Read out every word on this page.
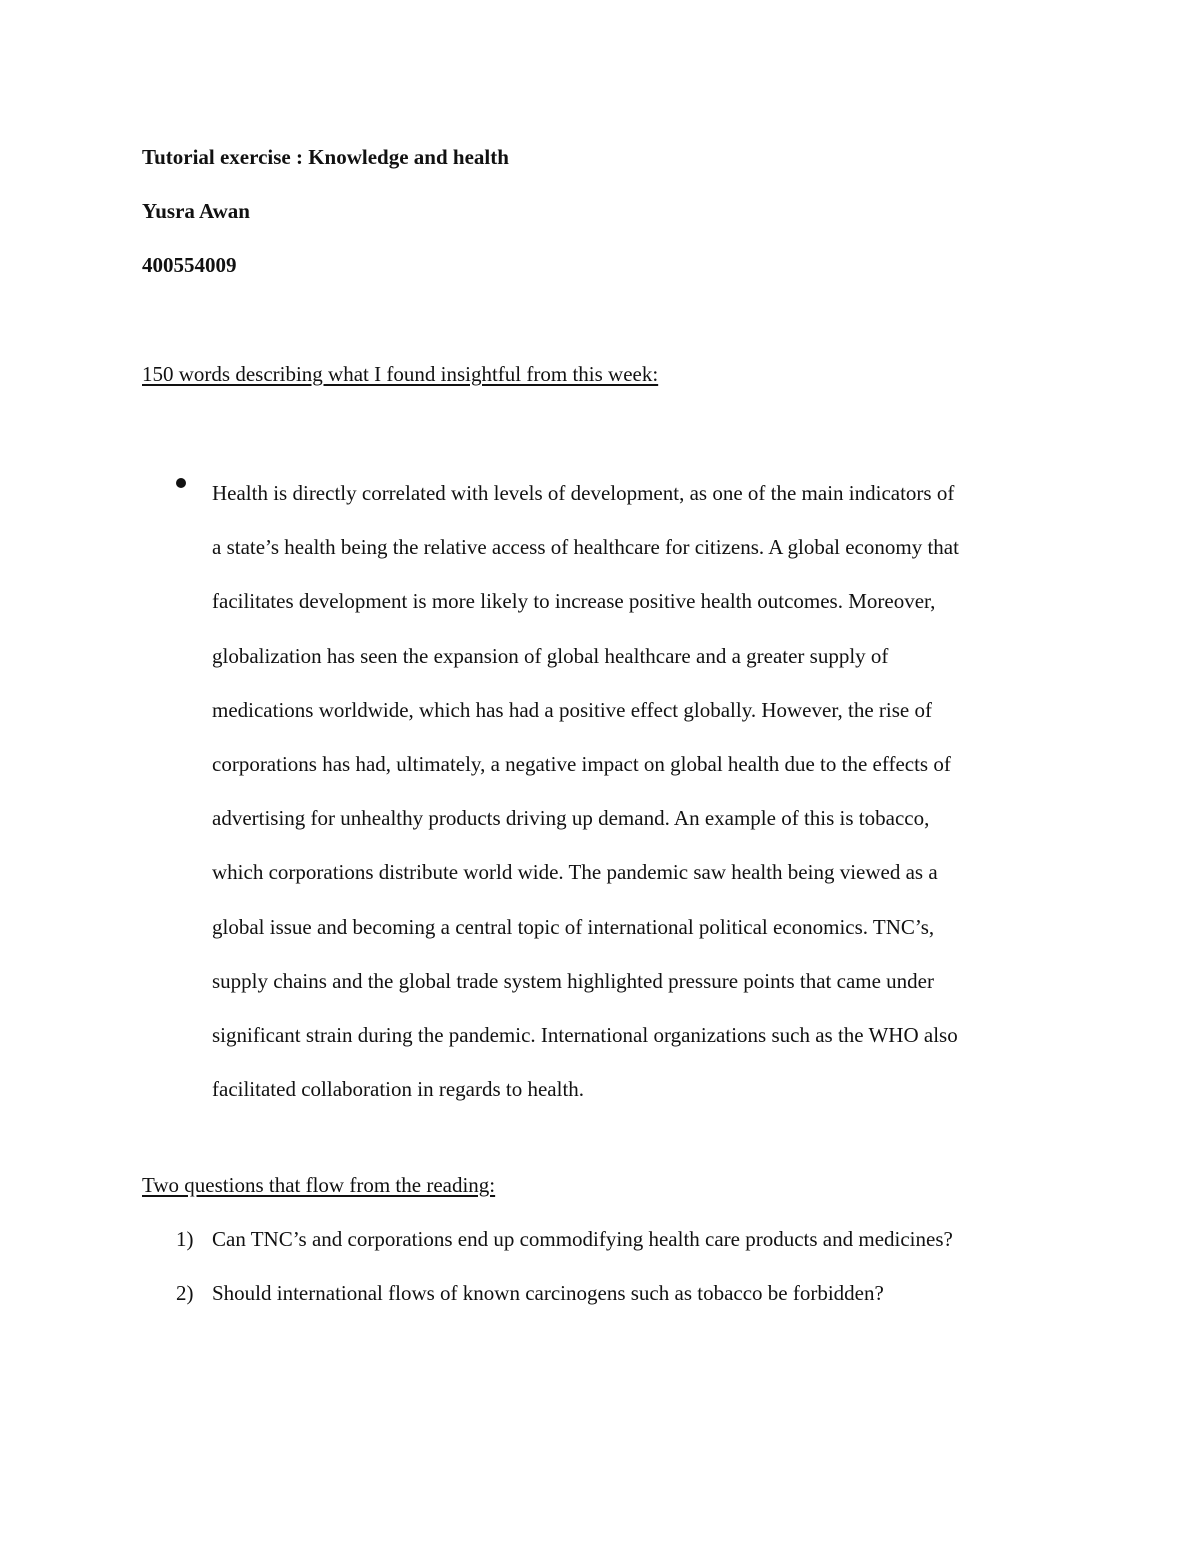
Tutorial exercise : Knowledge and health
Yusra Awan
400554009
150 words describing what I found insightful from this week:

Health is directly correlated with levels of development, as one of the main indicators of
a state’s health being the relative access of healthcare for citizens. A global economy that
facilitates development is more likely to increase positive health outcomes. Moreover,
globalization has seen the expansion of global healthcare and a greater supply of
medications worldwide, which has had a positive effect globally. However, the rise of
corporations has had, ultimately, a negative impact on global health due to the effects of
advertising for unhealthy products driving up demand. An example of this is tobacco,
which corporations distribute world wide. The pandemic saw health being viewed as a
global issue and becoming a central topic of international political economics. TNC’s,
supply chains and the global trade system highlighted pressure points that came under
significant strain during the pandemic. International organizations such as the WHO also
facilitated collaboration in regards to health.

Two questions that flow from the reading:
1) Can TNC’s and corporations end up commodifying health care products and medicines?
2) Should international flows of known carcinogens such as tobacco be forbidden?
